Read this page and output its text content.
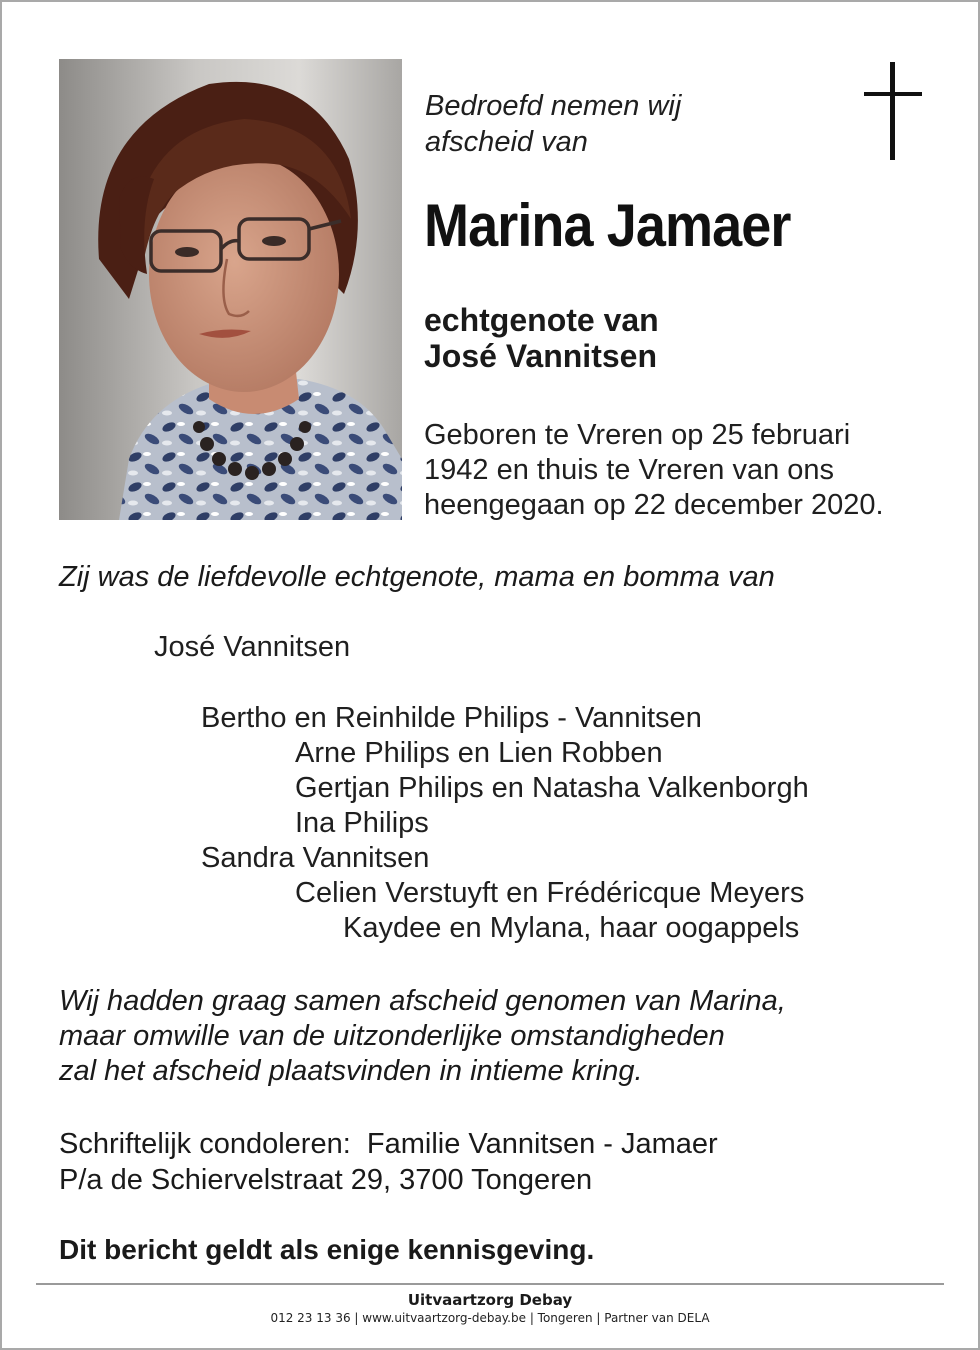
Bedroefd nemen wij
afscheid van
Marina Jamaer
echtgenote van
José Vannitsen
Geboren te Vreren op 25 februari
1942 en thuis te Vreren van ons
heengegaan op 22 december 2020.
Zij was de liefdevolle echtgenote, mama en bomma van
José Vannitsen
Bertho en Reinhilde Philips - Vannitsen
Arne Philips en Lien Robben
Gertjan Philips en Natasha Valkenborgh
Ina Philips
Sandra Vannitsen
Celien Verstuyft en Frédéricque Meyers
Kaydee en Mylana, haar oogappels
Wij hadden graag samen afscheid genomen van Marina,
maar omwille van de uitzonderlijke omstandigheden
zal het afscheid plaatsvinden in intieme kring.
Schriftelijk condoleren:  Familie Vannitsen - Jamaer
P/a de Schiervelstraat 29, 3700 Tongeren
Dit bericht geldt als enige kennisgeving.
Uitvaartzorg Debay
012 23 13 36 | www.uitvaartzorg-debay.be | Tongeren | Partner van DELA
